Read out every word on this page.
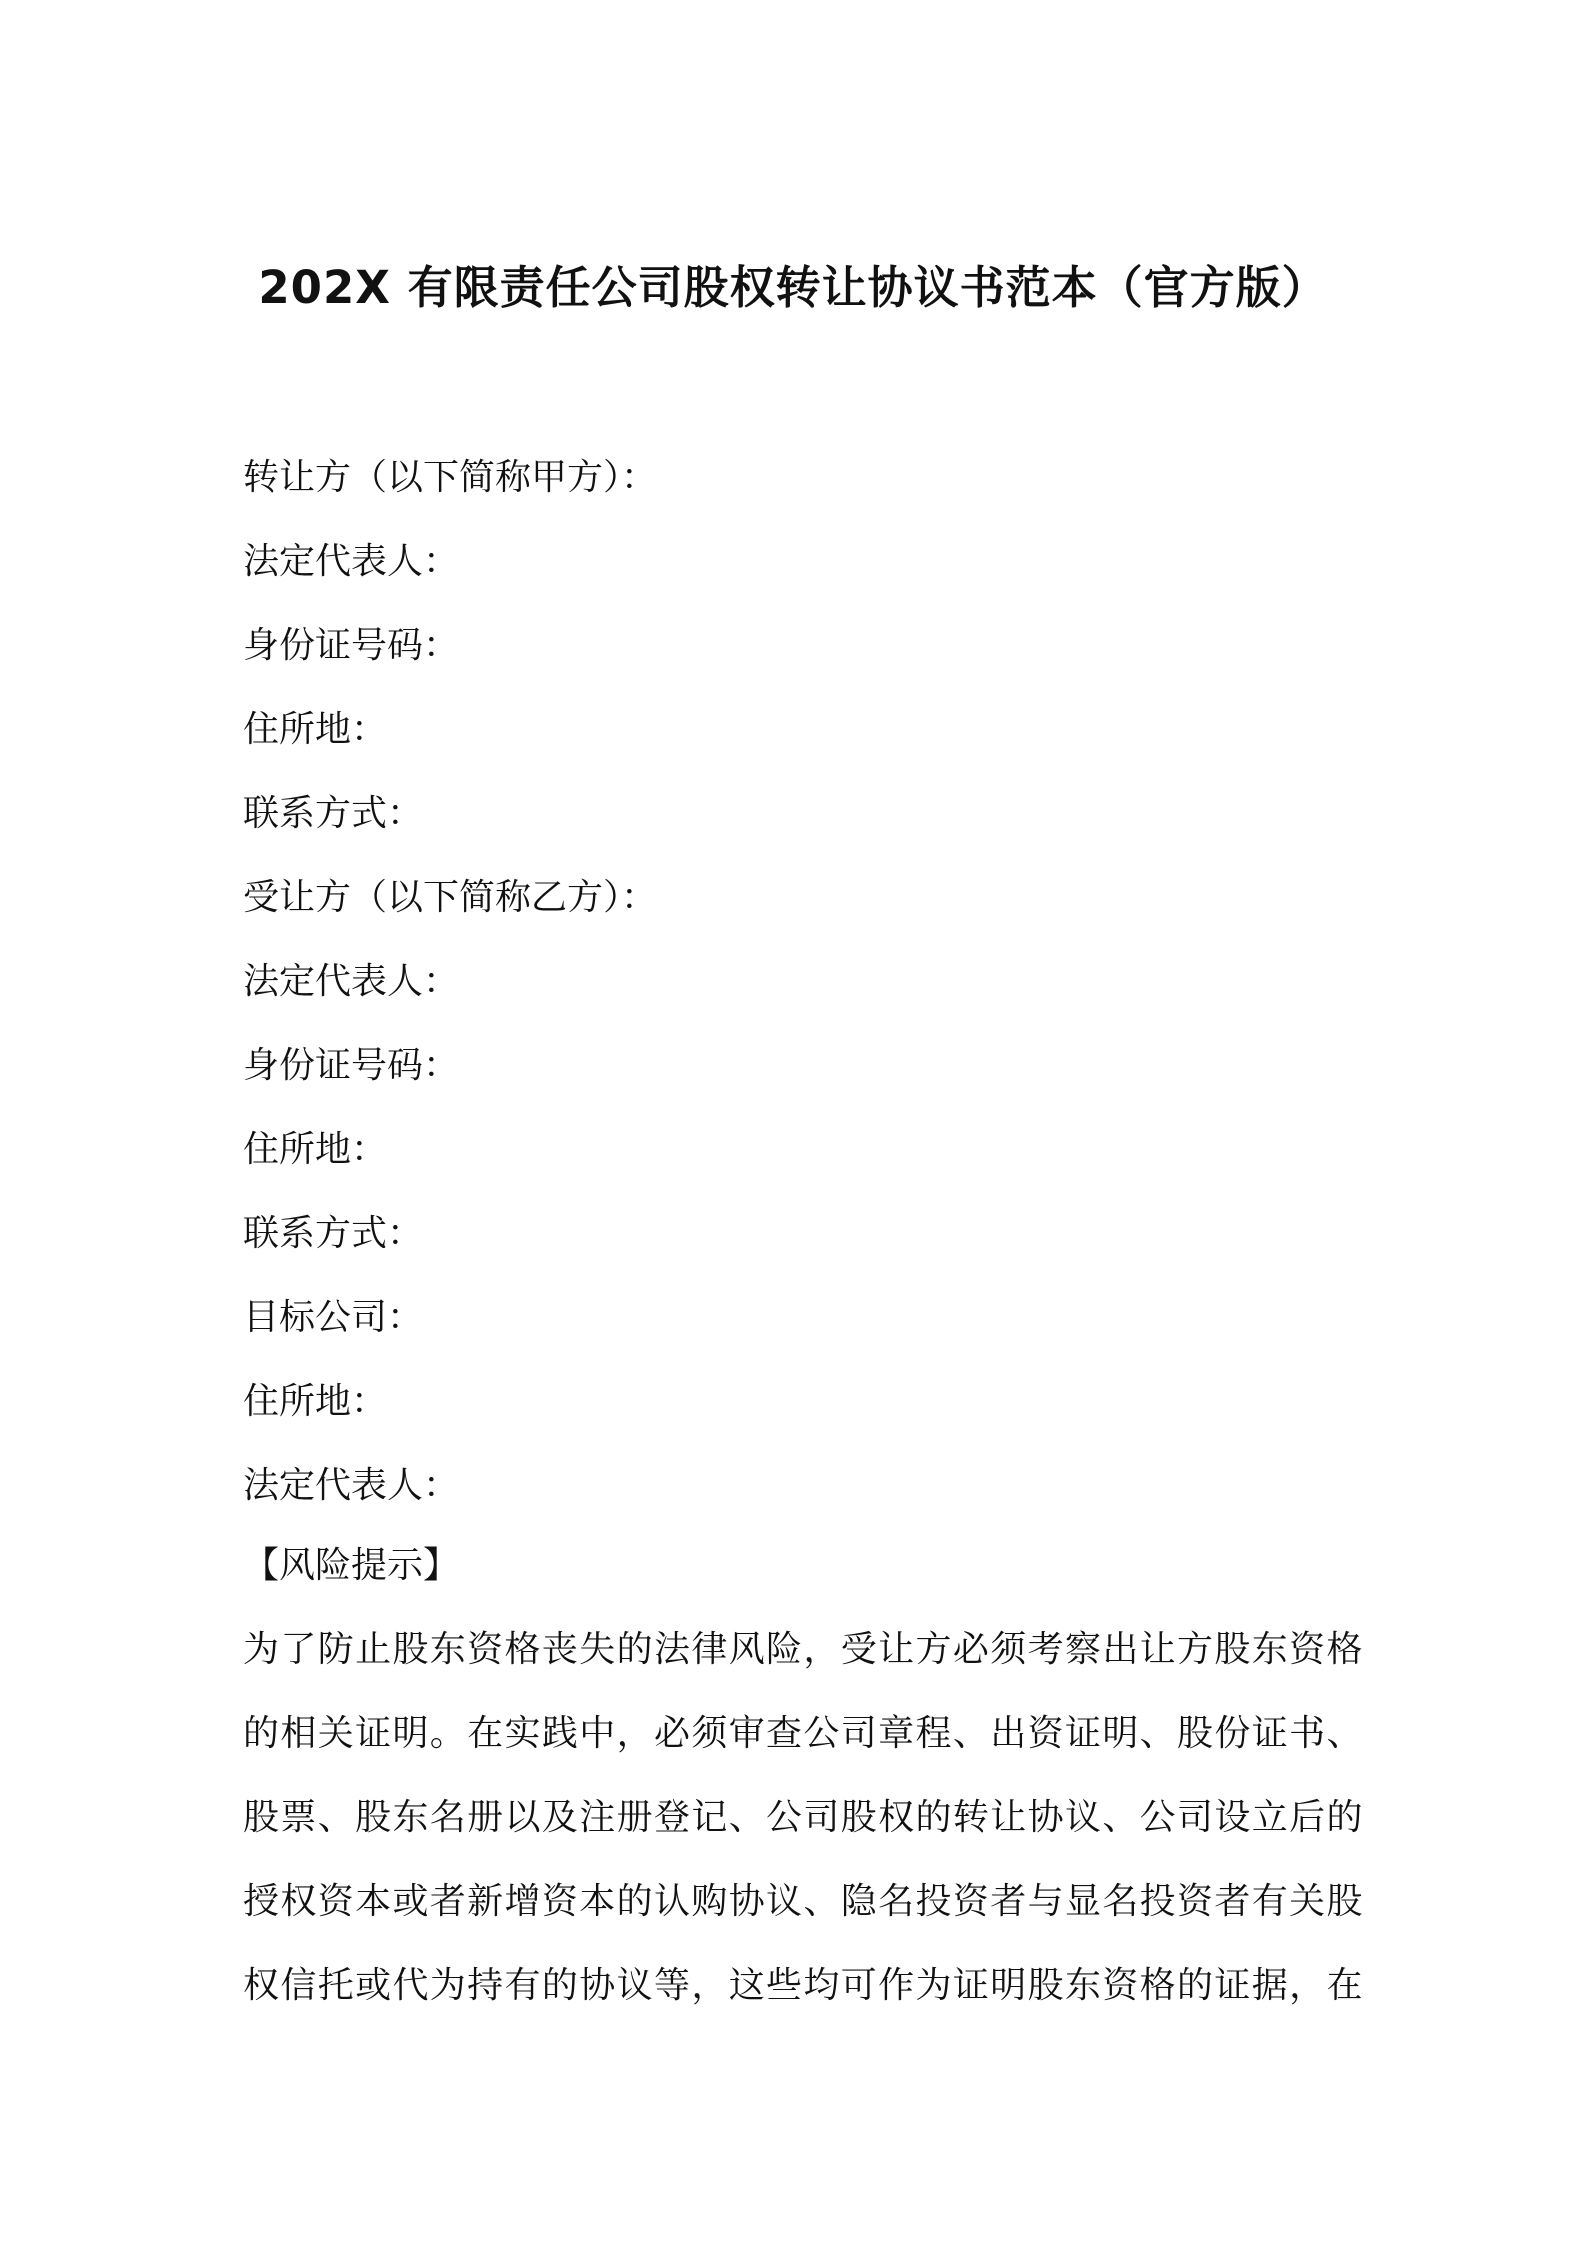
202X 有限责任公司股权转让协议书范本（官方版）
转让方（以下简称甲方）：
法定代表人：
身份证号码：
住所地：
联系方式：
受让方（以下简称乙方）：
法定代表人：
身份证号码：
住所地：
联系方式：
目标公司：
住所地：
法定代表人：
【风险提示】
为了防止股东资格丧失的法律风险，受让方必须考察出让方股东资格
的相关证明。在实践中，必须审查公司章程、出资证明、股份证书、
股票、股东名册以及注册登记、公司股权的转让协议、公司设立后的
授权资本或者新增资本的认购协议、隐名投资者与显名投资者有关股
权信托或代为持有的协议等，这些均可作为证明股东资格的证据，在
